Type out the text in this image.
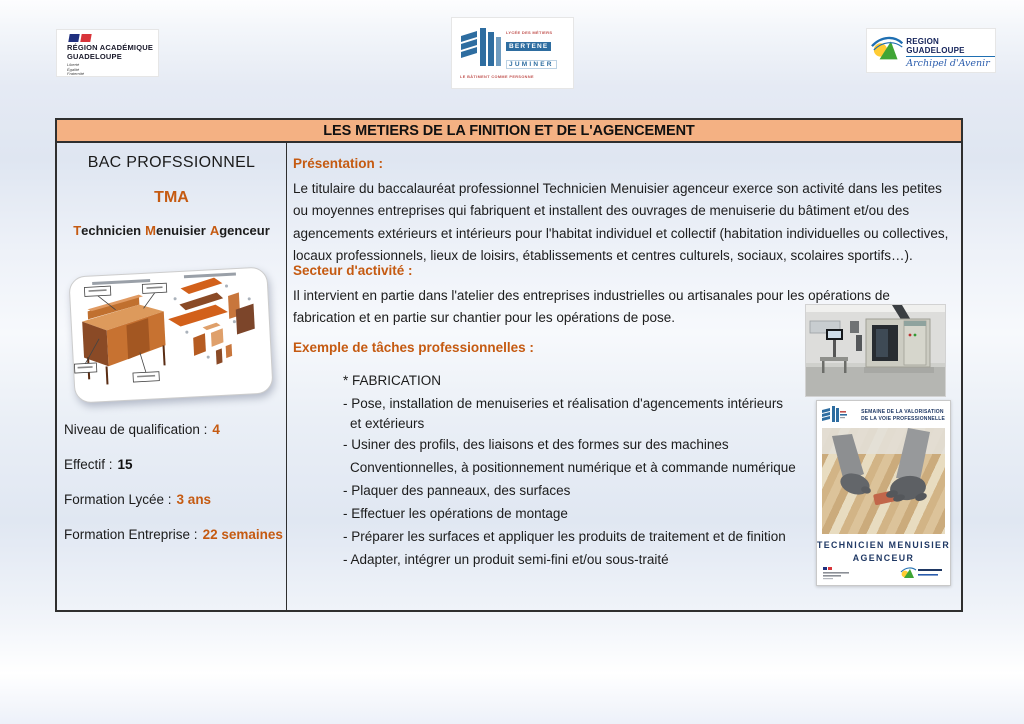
RÉGION ACADÉMIQUE
GUADELOUPE
Liberté
Égalité
Fraternité
LYCÉE DES MÉTIERS
BERTENE
JUMINER
LE BÂTIMENT COMME PERSONNE
REGION GUADELOUPE
Archipel d'Avenir
LES METIERS DE LA FINITION ET DE L'AGENCEMENT
BAC PROFSSIONNEL
TMA
Technicien Menuisier Agenceur
Niveau de qualification : 4
Effectif : 15
Formation Lycée : 3 ans
Formation Entreprise : 22 semaines
Présentation :
Le titulaire du baccalauréat professionnel Technicien Menuisier agenceur exerce son activité dans les petites ou moyennes entreprises qui fabriquent et installent des ouvrages de menuiserie du bâtiment et/ou des agencements extérieurs et intérieurs pour l'habitat individuel et collectif (habitation individuelles ou collectives, locaux professionnels, lieux de loisirs, établissements et centres culturels, sociaux, scolaires sportifs…).
Secteur d'activité :
Il intervient en partie dans l'atelier des entreprises industrielles ou artisanales pour les opérations de fabrication et en partie sur chantier pour les opérations de pose.
Exemple de tâches professionnelles :
* FABRICATION
- Pose, installation de menuiseries et réalisation d'agencements intérieurs
et extérieurs
- Usiner des profils, des liaisons et des formes sur des machines
Conventionnelles, à positionnement numérique et à commande numérique
- Plaquer des panneaux, des surfaces
- Effectuer les opérations de montage
- Préparer les surfaces et appliquer les produits de traitement et de finition
- Adapter, intégrer un produit semi-fini et/ou sous-traité
SEMAINE DE LA VALORISATION
DE LA VOIE PROFESSIONNELLE
TECHNICIEN MENUISIER
AGENCEUR
